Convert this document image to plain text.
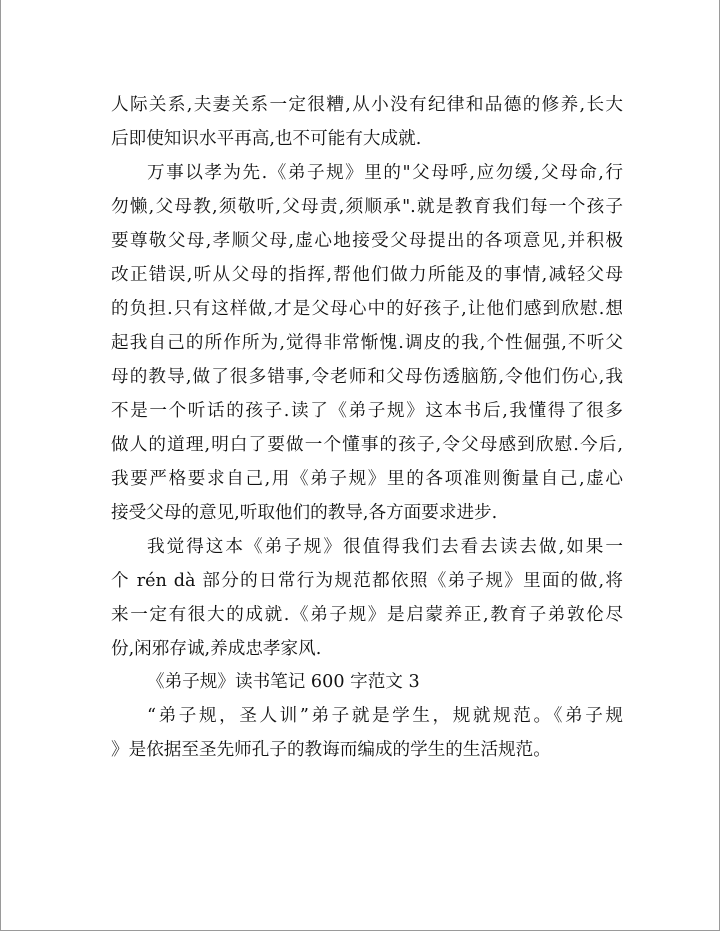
人际关系,夫妻关系一定很糟,从小没有纪律和品德的修养,长大
后即使知识水平再高,也不可能有大成就.
万事以孝为先.《弟子规》里的"父母呼,应勿缓,父母命,行
勿懒,父母教,须敬听,父母责,须顺承".就是教育我们每一个孩子
要尊敬父母,孝顺父母,虚心地接受父母提出的各项意见,并积极
改正错误,听从父母的指挥,帮他们做力所能及的事情,减轻父母
的负担.只有这样做,才是父母心中的好孩子,让他们感到欣慰.想
起我自己的所作所为,觉得非常惭愧.调皮的我,个性倔强,不听父
母的教导,做了很多错事,令老师和父母伤透脑筋,令他们伤心,我
不是一个听话的孩子.读了《弟子规》这本书后,我懂得了很多
做人的道理,明白了要做一个懂事的孩子,令父母感到欣慰.今后,
我要严格要求自己,用《弟子规》里的各项准则衡量自己,虚心
接受父母的意见,听取他们的教导,各方面要求进步.
我觉得这本《弟子规》很值得我们去看去读去做,如果一
个 rén dà 部分的日常行为规范都依照《弟子规》里面的做,将
来一定有很大的成就.《弟子规》是启蒙养正,教育子弟敦伦尽
份,闲邪存诚,养成忠孝家风.
《弟子规》读书笔记 600 字范文 3
“弟子规，圣人训”弟子就是学生，规就规范。《弟子规
》是依据至圣先师孔子的教诲而编成的学生的生活规范。
